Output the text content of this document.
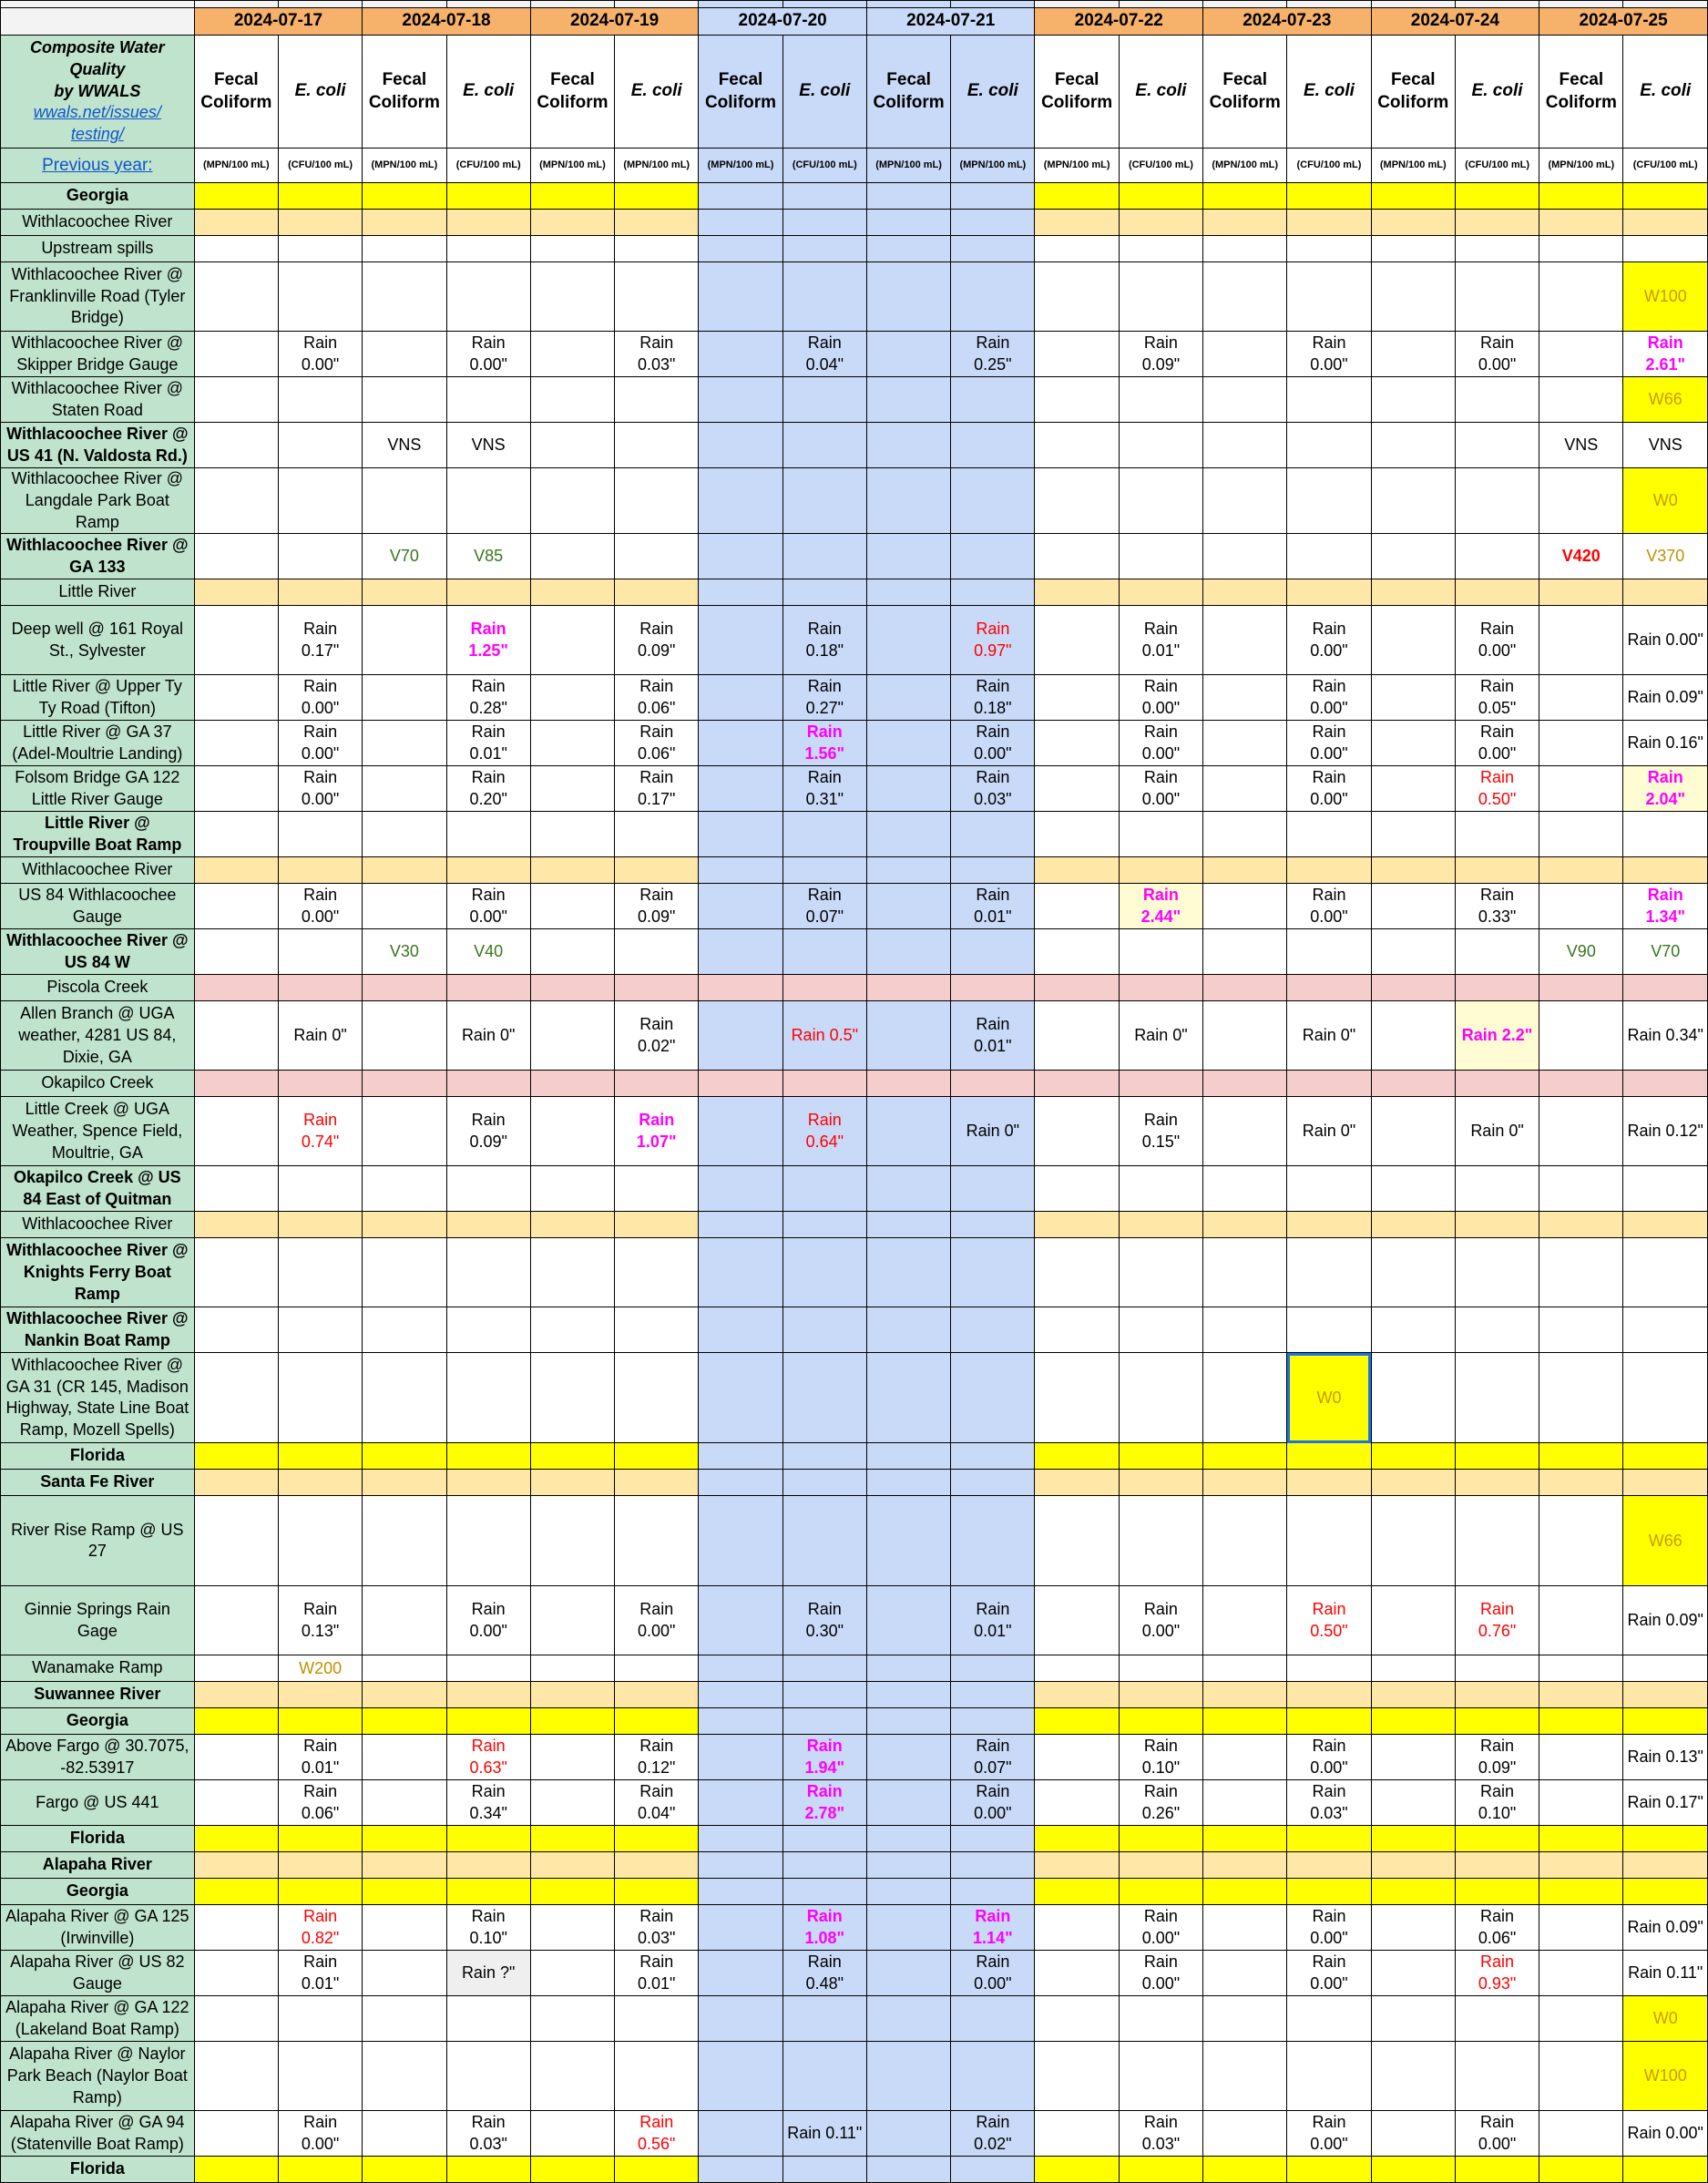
	2024-07-17		2024-07-18		2024-07-19		2024-07-20		2024-07-21		2024-07-22		2024-07-23		2024-07-24		2024-07-25	

Composite Water
Quality
by WWALS
wwals.net/issues/
testing/	Fecal Coliform	E. coli	Fecal Coliform	E. coli	Fecal Coliform	E. coli	Fecal Coliform	E. coli	Fecal Coliform	E. coli	Fecal Coliform	E. coli	Fecal Coliform	E. coli	Fecal Coliform	E. coli	Fecal Coliform	E. coli
Previous year:	(MPN/100 mL)	(CFU/100 mL)	(MPN/100 mL)	(CFU/100 mL)	(MPN/100 mL)	(MPN/100 mL)	(MPN/100 mL)	(CFU/100 mL)	(MPN/100 mL)	(MPN/100 mL)	(MPN/100 mL)	(CFU/100 mL)	(MPN/100 mL)	(CFU/100 mL)	(MPN/100 mL)	(CFU/100 mL)	(MPN/100 mL)	(CFU/100 mL)
Georgia																		
Withlacoochee River																		
Upstream spills																		
Withlacoochee River @ Franklinville Road (Tyler Bridge)																		W100
Withlacoochee River @ Skipper Bridge Gauge		Rain 0.00"		Rain 0.00"		Rain 0.03"		Rain 0.04"		Rain 0.25"		Rain 0.09"		Rain 0.00"		Rain 0.00"		Rain 2.61"
Withlacoochee River @ Staten Road																		W66
Withlacoochee River @ US 41 (N. Valdosta Rd.)			VNS	VNS													VNS	VNS
Withlacoochee River @ Langdale Park Boat Ramp																		W0
Withlacoochee River @ GA 133			V70	V85													V420	V370
Little River																		
Deep well @ 161 Royal St., Sylvester		Rain 0.17"		Rain 1.25"		Rain 0.09"		Rain 0.18"		Rain 0.97"		Rain 0.01"		Rain 0.00"		Rain 0.00"		Rain 0.00"
Little River @ Upper Ty Ty Road (Tifton)		Rain 0.00"		Rain 0.28"		Rain 0.06"		Rain 0.27"		Rain 0.18"		Rain 0.00"		Rain 0.00"		Rain 0.05"		Rain 0.09"
Little River @ GA 37 (Adel-Moultrie Landing)		Rain 0.00"		Rain 0.01"		Rain 0.06"		Rain 1.56"		Rain 0.00"		Rain 0.00"		Rain 0.00"		Rain 0.00"		Rain 0.16"
Folsom Bridge GA 122 Little River Gauge		Rain 0.00"		Rain 0.20"		Rain 0.17"		Rain 0.31"		Rain 0.03"		Rain 0.00"		Rain 0.00"		Rain 0.50"		Rain 2.04"
Little River @ Troupville Boat Ramp																		
Withlacoochee River																		
US 84 Withlacoochee Gauge		Rain 0.00"		Rain 0.00"		Rain 0.09"		Rain 0.07"		Rain 0.01"		Rain 2.44"		Rain 0.00"		Rain 0.33"		Rain 1.34"
Withlacoochee River @ US 84 W			V30	V40													V90	V70
Piscola Creek																		
Allen Branch @ UGA weather, 4281 US 84, Dixie, GA		Rain 0"		Rain 0"		Rain 0.02"		Rain 0.5"		Rain 0.01"		Rain 0"		Rain 0"		Rain 2.2"		Rain 0.34"
Okapilco Creek																		
Little Creek @ UGA Weather, Spence Field, Moultrie, GA		Rain 0.74"		Rain 0.09"		Rain 1.07"		Rain 0.64"		Rain 0"		Rain 0.15"		Rain 0"		Rain 0"		Rain 0.12"
Okapilco Creek @ US 84 East of Quitman																		
Withlacoochee River																		
Withlacoochee River @ Knights Ferry Boat Ramp																		
Withlacoochee River @ Nankin Boat Ramp																		
Withlacoochee River @ GA 31 (CR 145, Madison Highway, State Line Boat Ramp, Mozell Spells)														W0				
Florida																		
Santa Fe River																		
River Rise Ramp @ US 27																		W66
Ginnie Springs Rain Gage		Rain 0.13"		Rain 0.00"		Rain 0.00"		Rain 0.30"		Rain 0.01"		Rain 0.00"		Rain 0.50"		Rain 0.76"		Rain 0.09"
Wanamake Ramp		W200																
Suwannee River																		
Georgia																		
Above Fargo @ 30.7075, -82.53917		Rain 0.01"		Rain 0.63"		Rain 0.12"		Rain 1.94"		Rain 0.07"		Rain 0.10"		Rain 0.00"		Rain 0.09"		Rain 0.13"
Fargo @ US 441		Rain 0.06"		Rain 0.34"		Rain 0.04"		Rain 2.78"		Rain 0.00"		Rain 0.26"		Rain 0.03"		Rain 0.10"		Rain 0.17"
Florida																		
Alapaha River																		
Georgia																		
Alapaha River @ GA 125 (Irwinville)		Rain 0.82"		Rain 0.10"		Rain 0.03"		Rain 1.08"		Rain 1.14"		Rain 0.00"		Rain 0.00"		Rain 0.06"		Rain 0.09"
Alapaha River @ US 82 Gauge		Rain 0.01"		Rain ?"		Rain 0.01"		Rain 0.48"		Rain 0.00"		Rain 0.00"		Rain 0.00"		Rain 0.93"		Rain 0.11"
Alapaha River @ GA 122 (Lakeland Boat Ramp)																		W0
Alapaha River @ Naylor Park Beach (Naylor Boat Ramp)																		W100
Alapaha River @ GA 94 (Statenville Boat Ramp)		Rain 0.00"		Rain 0.03"		Rain 0.56"		Rain 0.11"		Rain 0.02"		Rain 0.03"		Rain 0.00"		Rain 0.00"		Rain 0.00"
Florida																		
